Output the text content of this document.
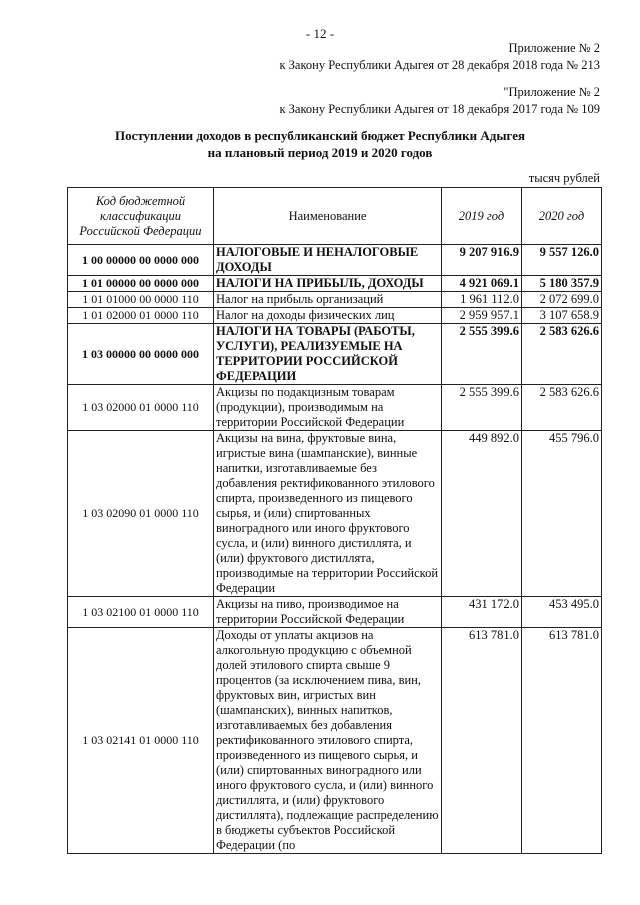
- 12 -
Приложение № 2
к Закону Республики Адыгея от 28 декабря 2018 года № 213
"Приложение № 2
к Закону Республики Адыгея от 18 декабря 2017 года № 109
Поступлении доходов в республиканский бюджет Республики Адыгея
на плановый период 2019 и 2020 годов
тысяч рублей
Код бюджетной классификации Российской Федерации	Наименование	2019 год	2020 год
1 00 00000 00 0000 000	НАЛОГОВЫЕ И НЕНАЛОГОВЫЕ ДОХОДЫ	9 207 916.9	9 557 126.0
1 01 00000 00 0000 000	НАЛОГИ НА ПРИБЫЛЬ, ДОХОДЫ	4 921 069.1	5 180 357.9
1 01 01000 00 0000 110	Налог на прибыль организаций	1 961 112.0	2 072 699.0
1 01 02000 01 0000 110	Налог на доходы физических лиц	2 959 957.1	3 107 658.9
1 03 00000 00 0000 000	НАЛОГИ НА ТОВАРЫ (РАБОТЫ, УСЛУГИ), РЕАЛИЗУЕМЫЕ НА ТЕРРИТОРИИ РОССИЙСКОЙ ФЕДЕРАЦИИ	2 555 399.6	2 583 626.6
1 03 02000 01 0000 110	Акцизы по подакцизным товарам (продукции), производимым на территории Российской Федерации	2 555 399.6	2 583 626.6
1 03 02090 01 0000 110	Акцизы на вина, фруктовые вина, игристые вина (шампанские), винные напитки, изготавливаемые без добавления ректификованного этилового спирта, произведенного из пищевого сырья, и (или) спиртованных виноградного или иного фруктового сусла, и (или) винного дистиллята, и (или) фруктового дистиллята, производимые на территории Российской Федерации	449 892.0	455 796.0
1 03 02100 01 0000 110	Акцизы на пиво, производимое на территории Российской Федерации	431 172.0	453 495.0
1 03 02141 01 0000 110	Доходы от уплаты акцизов на алкогольную продукцию с объемной долей этилового спирта свыше 9 процентов (за исключением пива, вин, фруктовых вин, игристых вин (шампанских), винных напитков, изготавливаемых без добавления ректификованного этилового спирта, произведенного из пищевого сырья, и (или) спиртованных виноградного или иного фруктового сусла, и (или) винного дистиллята, и (или) фруктового дистиллята), подлежащие распределению в бюджеты субъектов Российской Федерации (по	613 781.0	613 781.0
